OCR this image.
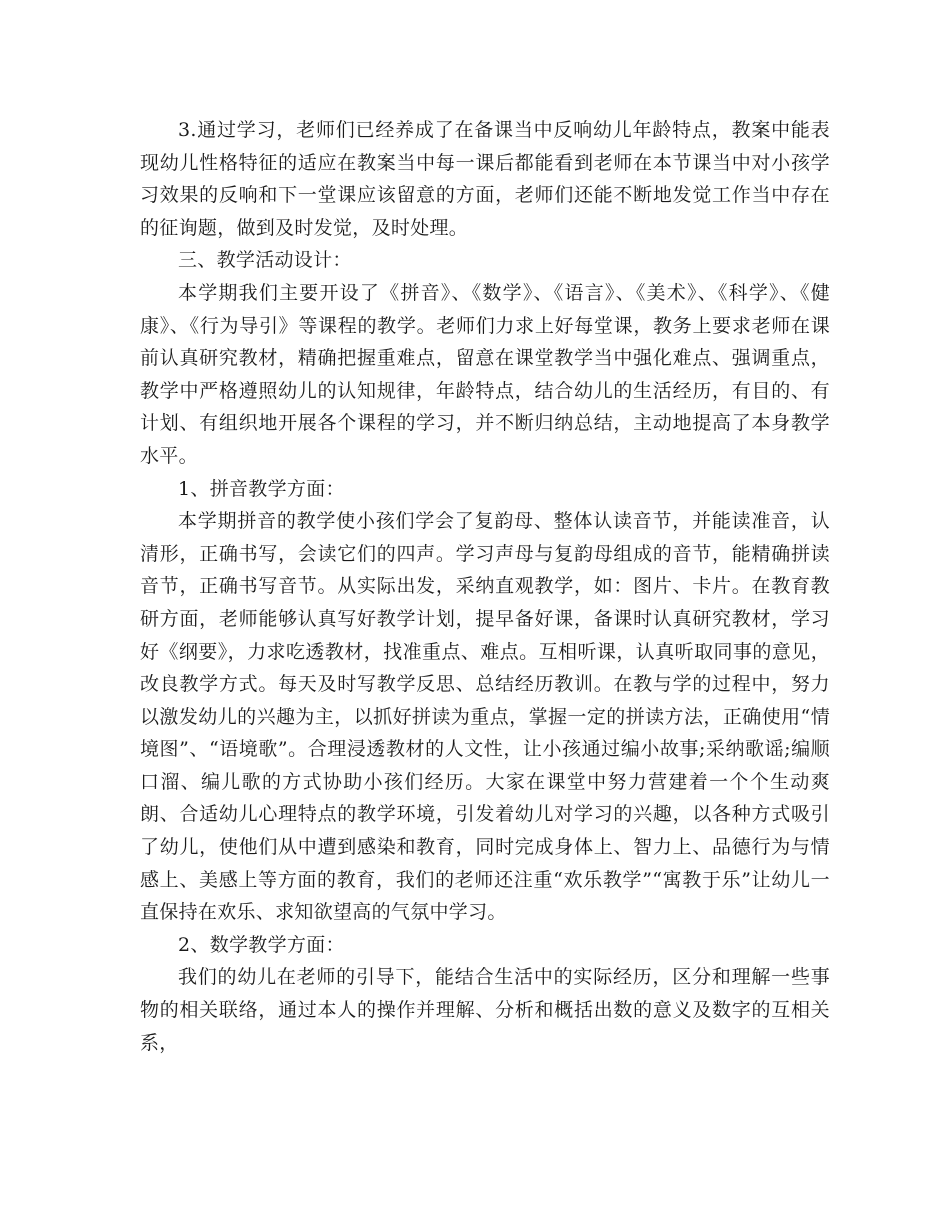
3.通过学习，老师们已经养成了在备课当中反响幼儿年龄特点，教案中能表现幼儿性格特征的适应在教案当中每一课后都能看到老师在本节课当中对小孩学习效果的反响和下一堂课应该留意的方面，老师们还能不断地发觉工作当中存在的征询题，做到及时发觉，及时处理。

三、教学活动设计：

本学期我们主要开设了《拼音》、《数学》、《语言》、《美术》、《科学》、《健康》、《行为导引》等课程的教学。老师们力求上好每堂课，教务上要求老师在课前认真研究教材，精确把握重难点，留意在课堂教学当中强化难点、强调重点，教学中严格遵照幼儿的认知规律，年龄特点，结合幼儿的生活经历，有目的、有计划、有组织地开展各个课程的学习，并不断归纳总结，主动地提高了本身教学水平。

1、拼音教学方面：

本学期拼音的教学使小孩们学会了复韵母、整体认读音节，并能读准音，认清形，正确书写，会读它们的四声。学习声母与复韵母组成的音节，能精确拼读音节，正确书写音节。从实际出发，采纳直观教学，如：图片、卡片。在教育教研方面，老师能够认真写好教学计划，提早备好课，备课时认真研究教材，学习好《纲要》，力求吃透教材，找准重点、难点。互相听课，认真听取同事的意见，改良教学方式。每天及时写教学反思、总结经历教训。在教与学的过程中，努力以激发幼儿的兴趣为主，以抓好拼读为重点，掌握一定的拼读方法，正确使用“情境图”、“语境歌”。合理浸透教材的人文性，让小孩通过编小故事;采纳歌谣;编顺口溜、编儿歌的方式协助小孩们经历。大家在课堂中努力营建着一个个生动爽朗、合适幼儿心理特点的教学环境，引发着幼儿对学习的兴趣，以各种方式吸引了幼儿，使他们从中遭到感染和教育，同时完成身体上、智力上、品德行为与情感上、美感上等方面的教育，我们的老师还注重“欢乐教学”“寓教于乐”让幼儿一直保持在欢乐、求知欲望高的气氛中学习。

2、数学教学方面：

我们的幼儿在老师的引导下，能结合生活中的实际经历，区分和理解一些事物的相关联络，通过本人的操作并理解、分析和概括出数的意义及数字的互相关系，
